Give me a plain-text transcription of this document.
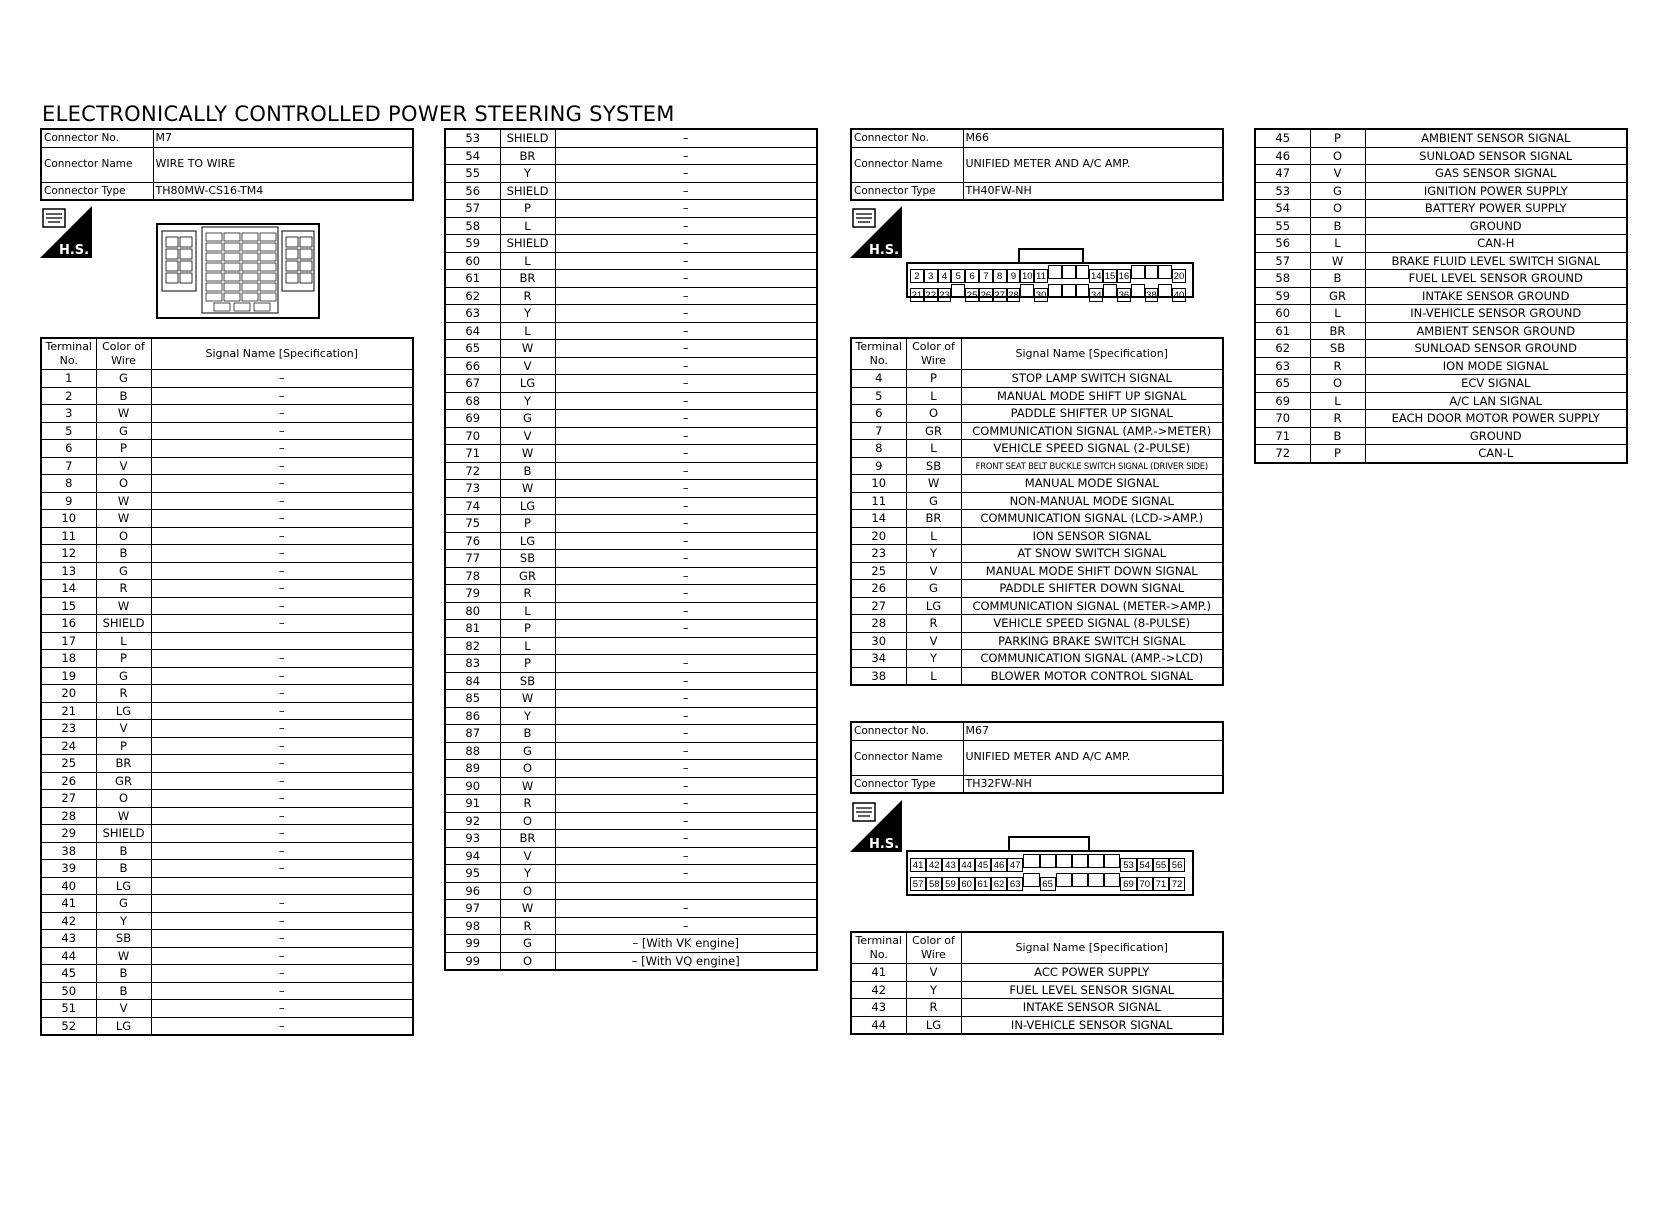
ELECTRONICALLY CONTROLLED POWER STEERING SYSTEM
Connector No.	M7
Connector Name	WIRE TO WIRE
Connector Type	TH80MW-CS16-TM4
H.S.
Terminal No.	Color of Wire	Signal Name [Specification]
1	G	–
2	B	–
3	W	–
5	G	–
6	P	–
7	V	–
8	O	–
9	W	–
10	W	–
11	O	–
12	B	–
13	G	–
14	R	–
15	W	–
16	SHIELD	–
17	L	
18	P	–
19	G	–
20	R	–
21	LG	–
23	V	–
24	P	–
25	BR	–
26	GR	–
27	O	–
28	W	–
29	SHIELD	–
38	B	–
39	B	–
40	LG	
41	G	–
42	Y	–
43	SB	–
44	W	–
45	B	–
50	B	–
51	V	–
52	LG	–
53	SHIELD	–
54	BR	–
55	Y	–
56	SHIELD	–
57	P	–
58	L	–
59	SHIELD	–
60	L	–
61	BR	–
62	R	–
63	Y	–
64	L	–
65	W	–
66	V	–
67	LG	–
68	Y	–
69	G	–
70	V	–
71	W	–
72	B	–
73	W	–
74	LG	–
75	P	–
76	LG	–
77	SB	–
78	GR	–
79	R	–
80	L	–
81	P	–
82	L	
83	P	–
84	SB	–
85	W	–
86	Y	–
87	B	–
88	G	–
89	O	–
90	W	–
91	R	–
92	O	–
93	BR	–
94	V	–
95	Y	–
96	O	
97	W	–
98	R	–
99	G	– [With VK engine]
99	O	– [With VQ engine]
Connector No.	M66
Connector Name	UNIFIED METER AND A/C AMP.
Connector Type	TH40FW-NH
H.S.
2 3 4 5 6 7 8 9 10 11	14 15 16	20
21 22 23 25 26 27 28 30	34 36 38 40
Terminal No.	Color of Wire	Signal Name [Specification]
4	P	STOP LAMP SWITCH SIGNAL
5	L	MANUAL MODE SHIFT UP SIGNAL
6	O	PADDLE SHIFTER UP SIGNAL
7	GR	COMMUNICATION SIGNAL (AMP.->METER)
8	L	VEHICLE SPEED SIGNAL (2-PULSE)
9	SB	FRONT SEAT BELT BUCKLE SWITCH SIGNAL (DRIVER SIDE)
10	W	MANUAL MODE SIGNAL
11	G	NON-MANUAL MODE SIGNAL
14	BR	COMMUNICATION SIGNAL (LCD->AMP.)
20	L	ION SENSOR SIGNAL
23	Y	AT SNOW SWITCH SIGNAL
25	V	MANUAL MODE SHIFT DOWN SIGNAL
26	G	PADDLE SHIFTER DOWN SIGNAL
27	LG	COMMUNICATION SIGNAL (METER->AMP.)
28	R	VEHICLE SPEED SIGNAL (8-PULSE)
30	V	PARKING BRAKE SWITCH SIGNAL
34	Y	COMMUNICATION SIGNAL (AMP.->LCD)
38	L	BLOWER MOTOR CONTROL SIGNAL
Connector No.	M67
Connector Name	UNIFIED METER AND A/C AMP.
Connector Type	TH32FW-NH
H.S.
41 42 43 44 45 46 47	53 54 55 56
57 58 59 60 61 62 63 65	69 70 71 72
Terminal No.	Color of Wire	Signal Name [Specification]
41	V	ACC POWER SUPPLY
42	Y	FUEL LEVEL SENSOR SIGNAL
43	R	INTAKE SENSOR SIGNAL
44	LG	IN-VEHICLE SENSOR SIGNAL
45	P	AMBIENT SENSOR SIGNAL
46	O	SUNLOAD SENSOR SIGNAL
47	V	GAS SENSOR SIGNAL
53	G	IGNITION POWER SUPPLY
54	O	BATTERY POWER SUPPLY
55	B	GROUND
56	L	CAN-H
57	W	BRAKE FLUID LEVEL SWITCH SIGNAL
58	B	FUEL LEVEL SENSOR GROUND
59	GR	INTAKE SENSOR GROUND
60	L	IN-VEHICLE SENSOR GROUND
61	BR	AMBIENT SENSOR GROUND
62	SB	SUNLOAD SENSOR GROUND
63	R	ION MODE SIGNAL
65	O	ECV SIGNAL
69	L	A/C LAN SIGNAL
70	R	EACH DOOR MOTOR POWER SUPPLY
71	B	GROUND
72	P	CAN-L
